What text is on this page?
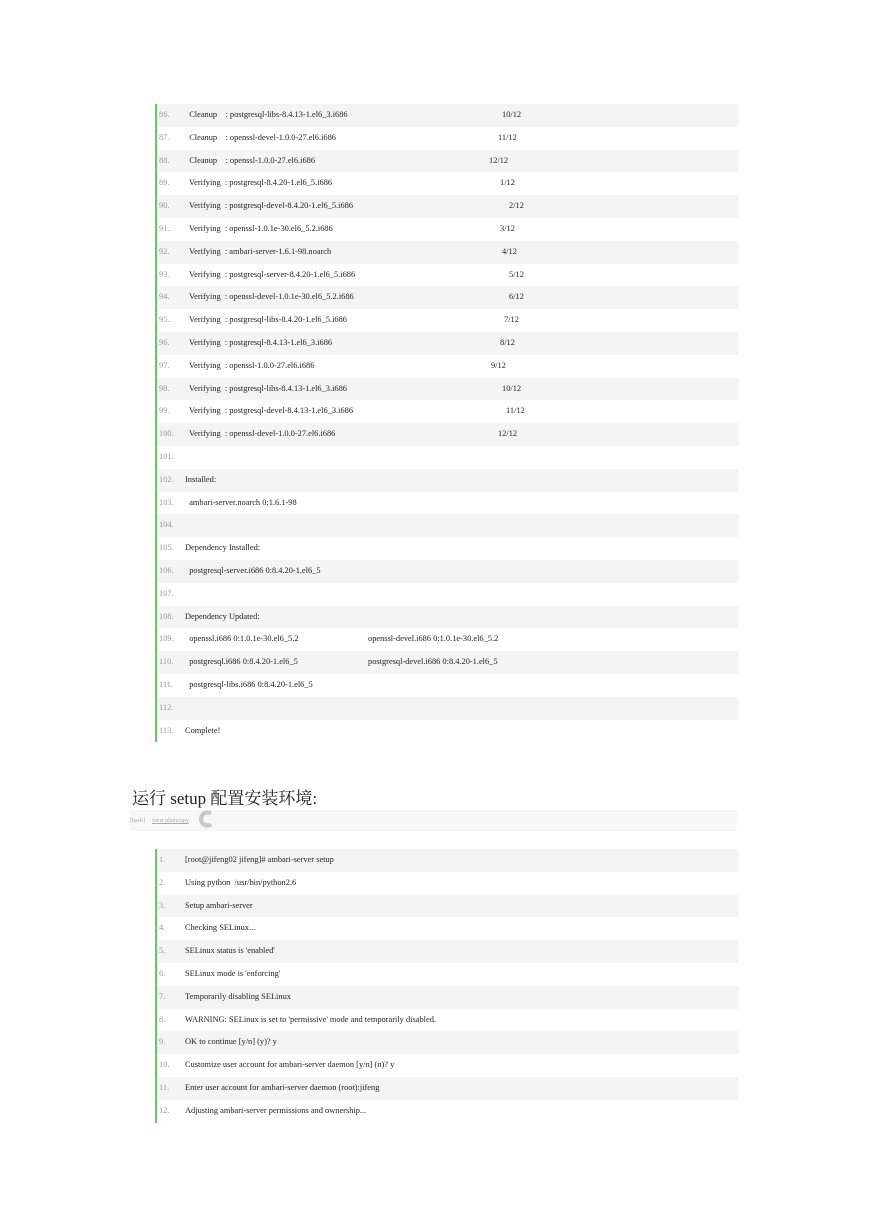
86. Cleanup    : postgresql-libs-8.4.13-1.el6_3.i686	10/12
87. Cleanup    : openssl-devel-1.0.0-27.el6.i686	11/12
88. Cleanup    : openssl-1.0.0-27.el6.i686	12/12
89. Verifying  : postgresql-8.4.20-1.el6_5.i686	1/12
90. Verifying  : postgresql-devel-8.4.20-1.el6_5.i686	2/12
91. Verifying  : openssl-1.0.1e-30.el6_5.2.i686	3/12
92. Verifying  : ambari-server-1.6.1-98.noarch	4/12
93. Verifying  : postgresql-server-8.4.20-1.el6_5.i686	5/12
94. Verifying  : openssl-devel-1.0.1e-30.el6_5.2.i686	6/12
95. Verifying  : postgresql-libs-8.4.20-1.el6_5.i686	7/12
96. Verifying  : postgresql-8.4.13-1.el6_3.i686	8/12
97. Verifying  : openssl-1.0.0-27.el6.i686	9/12
98. Verifying  : postgresql-libs-8.4.13-1.el6_3.i686	10/12
99. Verifying  : postgresql-devel-8.4.13-1.el6_3.i686	11/12
100. Verifying  : openssl-devel-1.0.0-27.el6.i686	12/12
101.
102. Installed:
103. ambari-server.noarch 0:1.6.1-98
104.
105. Dependency Installed:
106. postgresql-server.i686 0:8.4.20-1.el6_5
107.
108. Dependency Updated:
109. openssl.i686 0:1.0.1e-30.el6_5.2	openssl-devel.i686 0:1.0.1e-30.el6_5.2
110. postgresql.i686 0:8.4.20-1.el6_5	postgresql-devel.i686 0:8.4.20-1.el6_5
111. postgresql-libs.i686 0:8.4.20-1.el6_5
112.
113. Complete!
运行 setup 配置安装环境:
[bash] view plaincopy
1. [root@jifeng02 jifeng]# ambari-server setup
2. Using python  /usr/bin/python2.6
3. Setup ambari-server
4. Checking SELinux...
5. SELinux status is 'enabled'
6. SELinux mode is 'enforcing'
7. Temporarily disabling SELinux
8. WARNING: SELinux is set to 'permissive' mode and temporarily disabled.
9. OK to continue [y/n] (y)? y
10. Customize user account for ambari-server daemon [y/n] (n)? y
11. Enter user account for ambari-server daemon (root):jifeng
12. Adjusting ambari-server permissions and ownership...
